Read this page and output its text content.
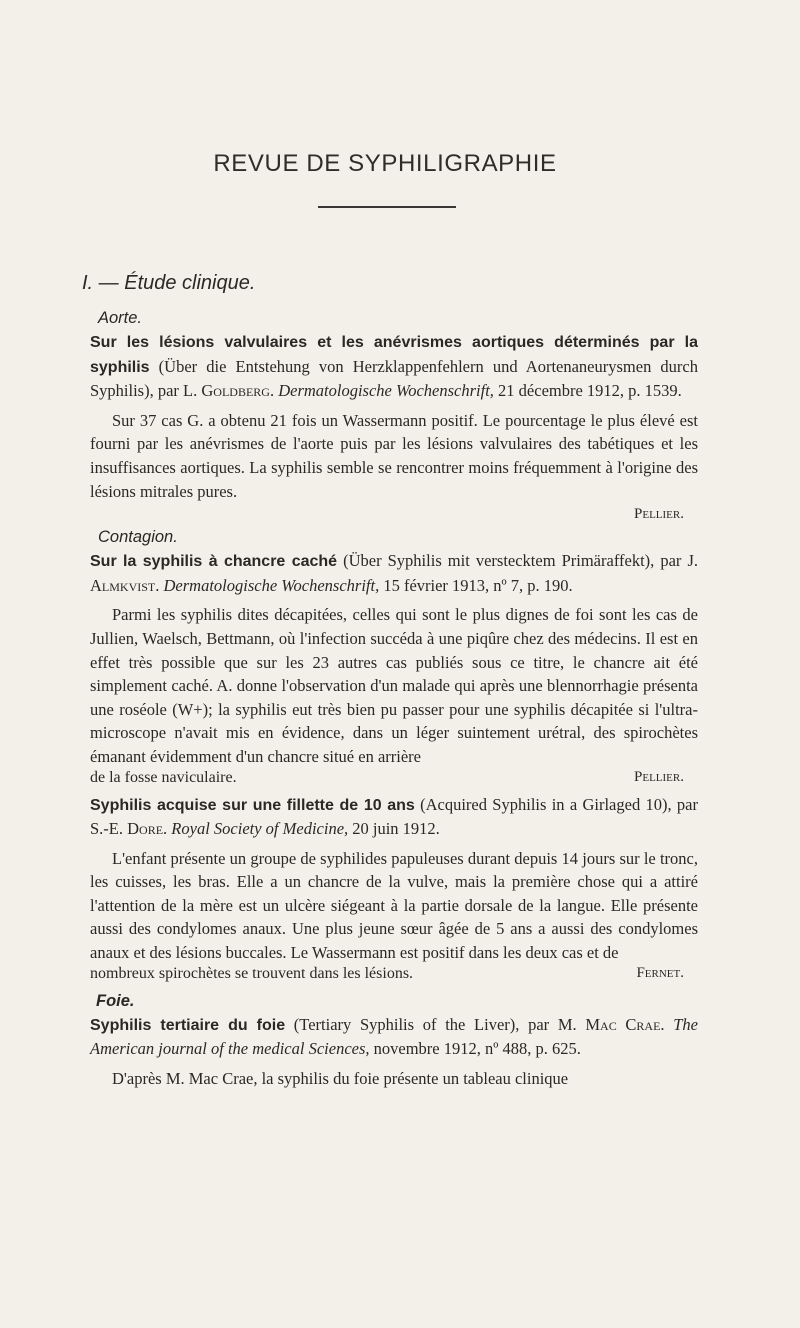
REVUE DE SYPHILIGRAPHIE
I. — Étude clinique.
Aorte.

Sur les lésions valvulaires et les anévrismes aortiques déterminés par la syphilis (Über die Entstehung von Herzklappenfehlern und Aortenaneurysmen durch Syphilis), par L. Goldberg. Dermatologische Wochenschrift, 21 décembre 1912, p. 1539.

Sur 37 cas G. a obtenu 21 fois un Wassermann positif. Le pourcentage le plus élevé est fourni par les anévrismes de l'aorte puis par les lésions valvulaires des tabétiques et les insuffisances aortiques. La syphilis semble se rencontrer moins fréquemment à l'origine des lésions mitrales pures.

Pellier.

Contagion.

Sur la syphilis à chancre caché (Über Syphilis mit verstecktem Primäraffekt), par J. Almkvist. Dermatologische Wochenschrift, 15 février 1913, nº 7, p. 190.

Parmi les syphilis dites décapitées, celles qui sont le plus dignes de foi sont les cas de Jullien, Waelsch, Bettmann, où l'infection succéda à une piqûre chez des médecins. Il est en effet très possible que sur les 23 autres cas publiés sous ce titre, le chancre ait été simplement caché. A. donne l'observation d'un malade qui après une blennorrhagie présenta une roséole (W+); la syphilis eut très bien pu passer pour une syphilis décapitée si l'ultra-microscope n'avait mis en évidence, dans un léger suintement urétral, des spirochètes émanant évidemment d'un chancre situé en arrière

de la fosse naviculaire.	Pellier.

Syphilis acquise sur une fillette de 10 ans (Acquired Syphilis in a Girlaged 10), par S.-E. Dore. Royal Society of Medicine, 20 juin 1912.

L'enfant présente un groupe de syphilides papuleuses durant depuis 14 jours sur le tronc, les cuisses, les bras. Elle a un chancre de la vulve, mais la première chose qui a attiré l'attention de la mère est un ulcère siégeant à la partie dorsale de la langue. Elle présente aussi des condylomes anaux. Une plus jeune sœur âgée de 5 ans a aussi des condylomes anaux et des lésions buccales. Le Wassermann est positif dans les deux cas et de

nombreux spirochètes se trouvent dans les lésions.	Fernet.
Foie.

Syphilis tertiaire du foie (Tertiary Syphilis of the Liver), par M. Mac Crae. The American journal of the medical Sciences, novembre 1912, nº 488, p. 625.

D'après M. Mac Crae, la syphilis du foie présente un tableau clinique
